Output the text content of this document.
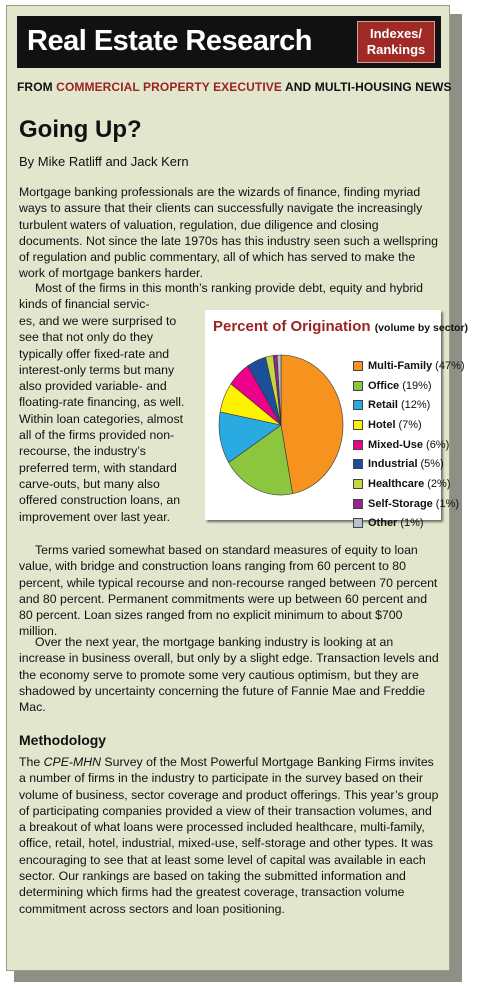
Real Estate Research	Indexes/
Rankings
FROM COMMERCIAL PROPERTY EXECUTIVE AND MULTI-HOUSING NEWS
Going Up?
By Mike Ratliff and Jack Kern
Mortgage banking professionals are the wizards of finance, finding myriad ways to assure that their clients can successfully navigate the increasingly turbulent waters of valuation, regulation, due diligence and closing documents. Not since the late 1970s has this industry seen such a wellspring of regulation and public commentary, all of which has served to make the work of mortgage bankers harder.

Most of the firms in this month’s ranking provide debt, equity and hybrid kinds of financial servic-

es, and we were surprised to see that not only do they typically offer fixed-rate and interest-only terms but many also provided variable- and floating-rate financing, as well. Within loan categories, almost all of the firms provided non-recourse, the industry’s preferred term, with standard carve-outs, but many also offered construction loans, an improvement over last year.
Percent of Origination (volume by sector)
Multi-Family (47%)
Office (19%)
Retail (12%)
Hotel (7%)
Mixed-Use (6%)
Industrial (5%)
Healthcare (2%)
Self-Storage (1%)
Other (1%)

Terms varied somewhat based on standard measures of equity to loan value, with bridge and construction loans ranging from 60 percent to 80 percent, while typical recourse and non-recourse ranged between 70 percent and 80 percent. Permanent commitments were up between 60 percent and 80 percent. Loan sizes ranged from no explicit minimum to about $700 million.

Over the next year, the mortgage banking industry is looking at an increase in business overall, but only by a slight edge. Transaction levels and the economy serve to promote some very cautious optimism, but they are shadowed by uncertainty concerning the future of Fannie Mae and Freddie Mac.

Methodology
The CPE-MHN Survey of the Most Powerful Mortgage Banking Firms invites a number of firms in the industry to participate in the survey based on their volume of business, sector coverage and product offerings. This year’s group of participating companies provided a view of their transaction volumes, and a breakout of what loans were processed included healthcare, multi-family, office, retail, hotel, industrial, mixed-use, self-storage and other types. It was encouraging to see that at least some level of capital was available in each sector. Our rankings are based on taking the submitted information and determining which firms had the greatest coverage, transaction volume commitment across sectors and loan positioning.
